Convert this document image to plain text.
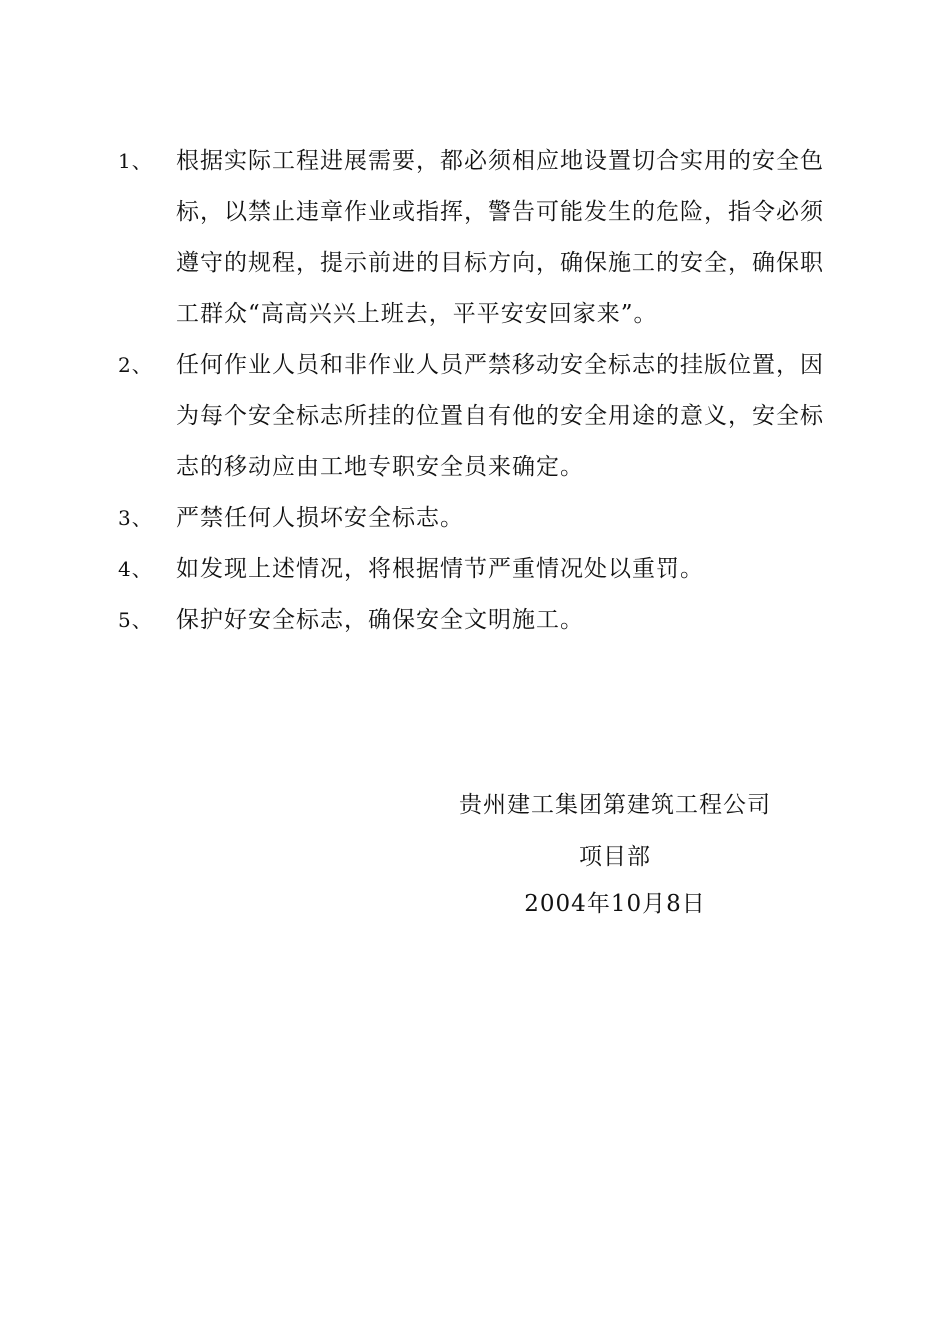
1、	根据实际工程进展需要，都必须相应地设置切合实用的安全色标，以禁止违章作业或指挥，警告可能发生的危险，指令必须遵守的规程，提示前进的目标方向，确保施工的安全，确保职工群众“高高兴兴上班去，平平安安回家来”。
2、	任何作业人员和非作业人员严禁移动安全标志的挂版位置，因为每个安全标志所挂的位置自有他的安全用途的意义，安全标志的移动应由工地专职安全员来确定。
3、	严禁任何人损坏安全标志。
4、	如发现上述情况，将根据情节严重情况处以重罚。
5、	保护好安全标志，确保安全文明施工。
贵州建工集团第建筑工程公司
项目部
2004年10月8日
